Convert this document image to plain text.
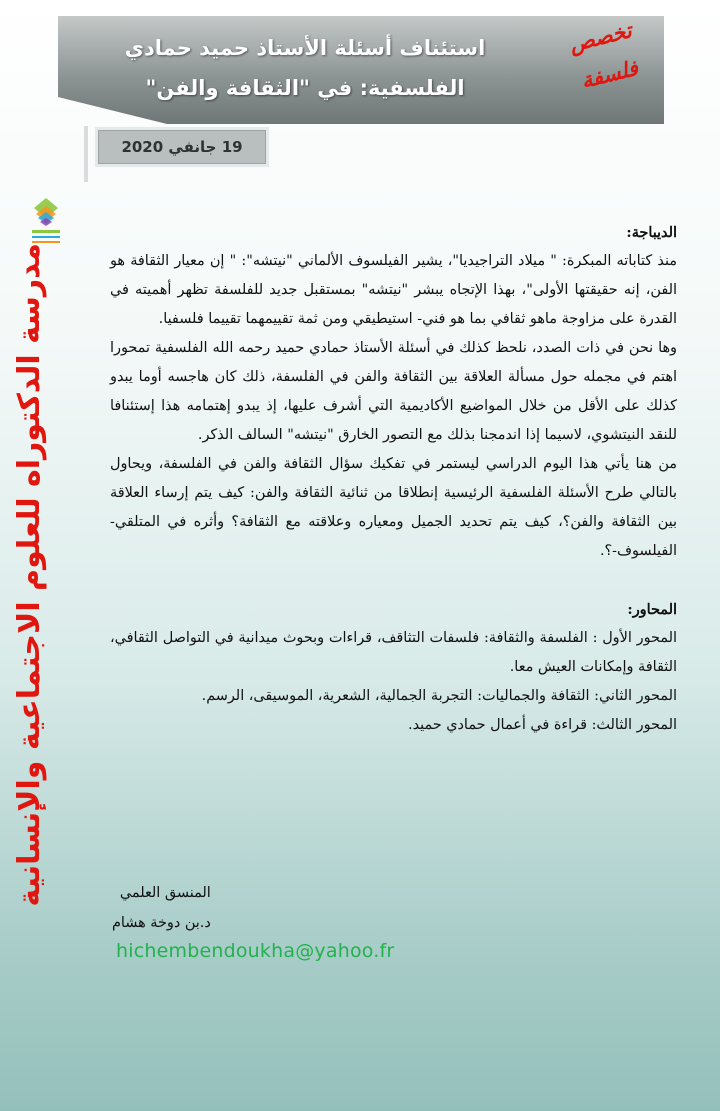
استئناف أسئلة الأستاذ حميد حمادي
الفلسفية: في "الثقافة والفن"
تخصص
فلسفة
19 جانفي 2020
مدرسة الدكتوراه للعلوم الاجتماعية والإنسانية

الديباجة:

منذ كتاباته المبكرة: " ميلاد التراجيديا"، يشير الفيلسوف الألماني "نيتشه": " إن معيار الثقافة هو الفن، إنه حقيقتها الأولى"، بهذا الإتجاه يبشر "نيتشه" بمستقبل جديد للفلسفة تظهر أهميته في القدرة على مزاوجة ماهو ثقافي بما هو فني- استيطيقي ومن ثمة تقييمهما تقييما فلسفيا.

وها نحن في ذات الصدد، نلحظ كذلك في أسئلة الأستاذ حمادي حميد رحمه الله الفلسفية تمحورا اهتم في مجمله حول مسألة العلاقة بين الثقافة والفن في الفلسفة، ذلك كان هاجسه أوما يبدو كذلك على الأقل من خلال المواضيع الأكاديمية التي أشرف عليها، إذ يبدو إهتمامه هذا إستئنافا للنقد النيتشوي، لاسيما إذا اندمجنا بذلك مع التصور الخارق "نيتشه" السالف الذكر.

من هنا يأتي هذا اليوم الدراسي ليستمر في تفكيك سؤال الثقافة والفن في الفلسفة، ويحاول بالتالي طرح الأسئلة الفلسفية الرئيسية إنطلاقا من ثنائية الثقافة والفن: كيف يتم إرساء العلاقة بين الثقافة والفن؟، كيف يتم تحديد الجميل ومعياره وعلاقته مع الثقافة؟ وأثره في المتلقي- الفيلسوف-؟.

المحاور:

المحور الأول : الفلسفة والثقافة: فلسفات التثاقف، قراءات وبحوث ميدانية في التواصل الثقافي، الثقافة وإمكانات العيش معا.

المحور الثاني: الثقافة والجماليات: التجربة الجمالية، الشعرية، الموسيقى، الرسم.

المحور الثالث: قراءة في أعمال حمادي حميد.

المنسق العلمي
د.بن دوخة هشام
hichembendoukha@yahoo.fr
